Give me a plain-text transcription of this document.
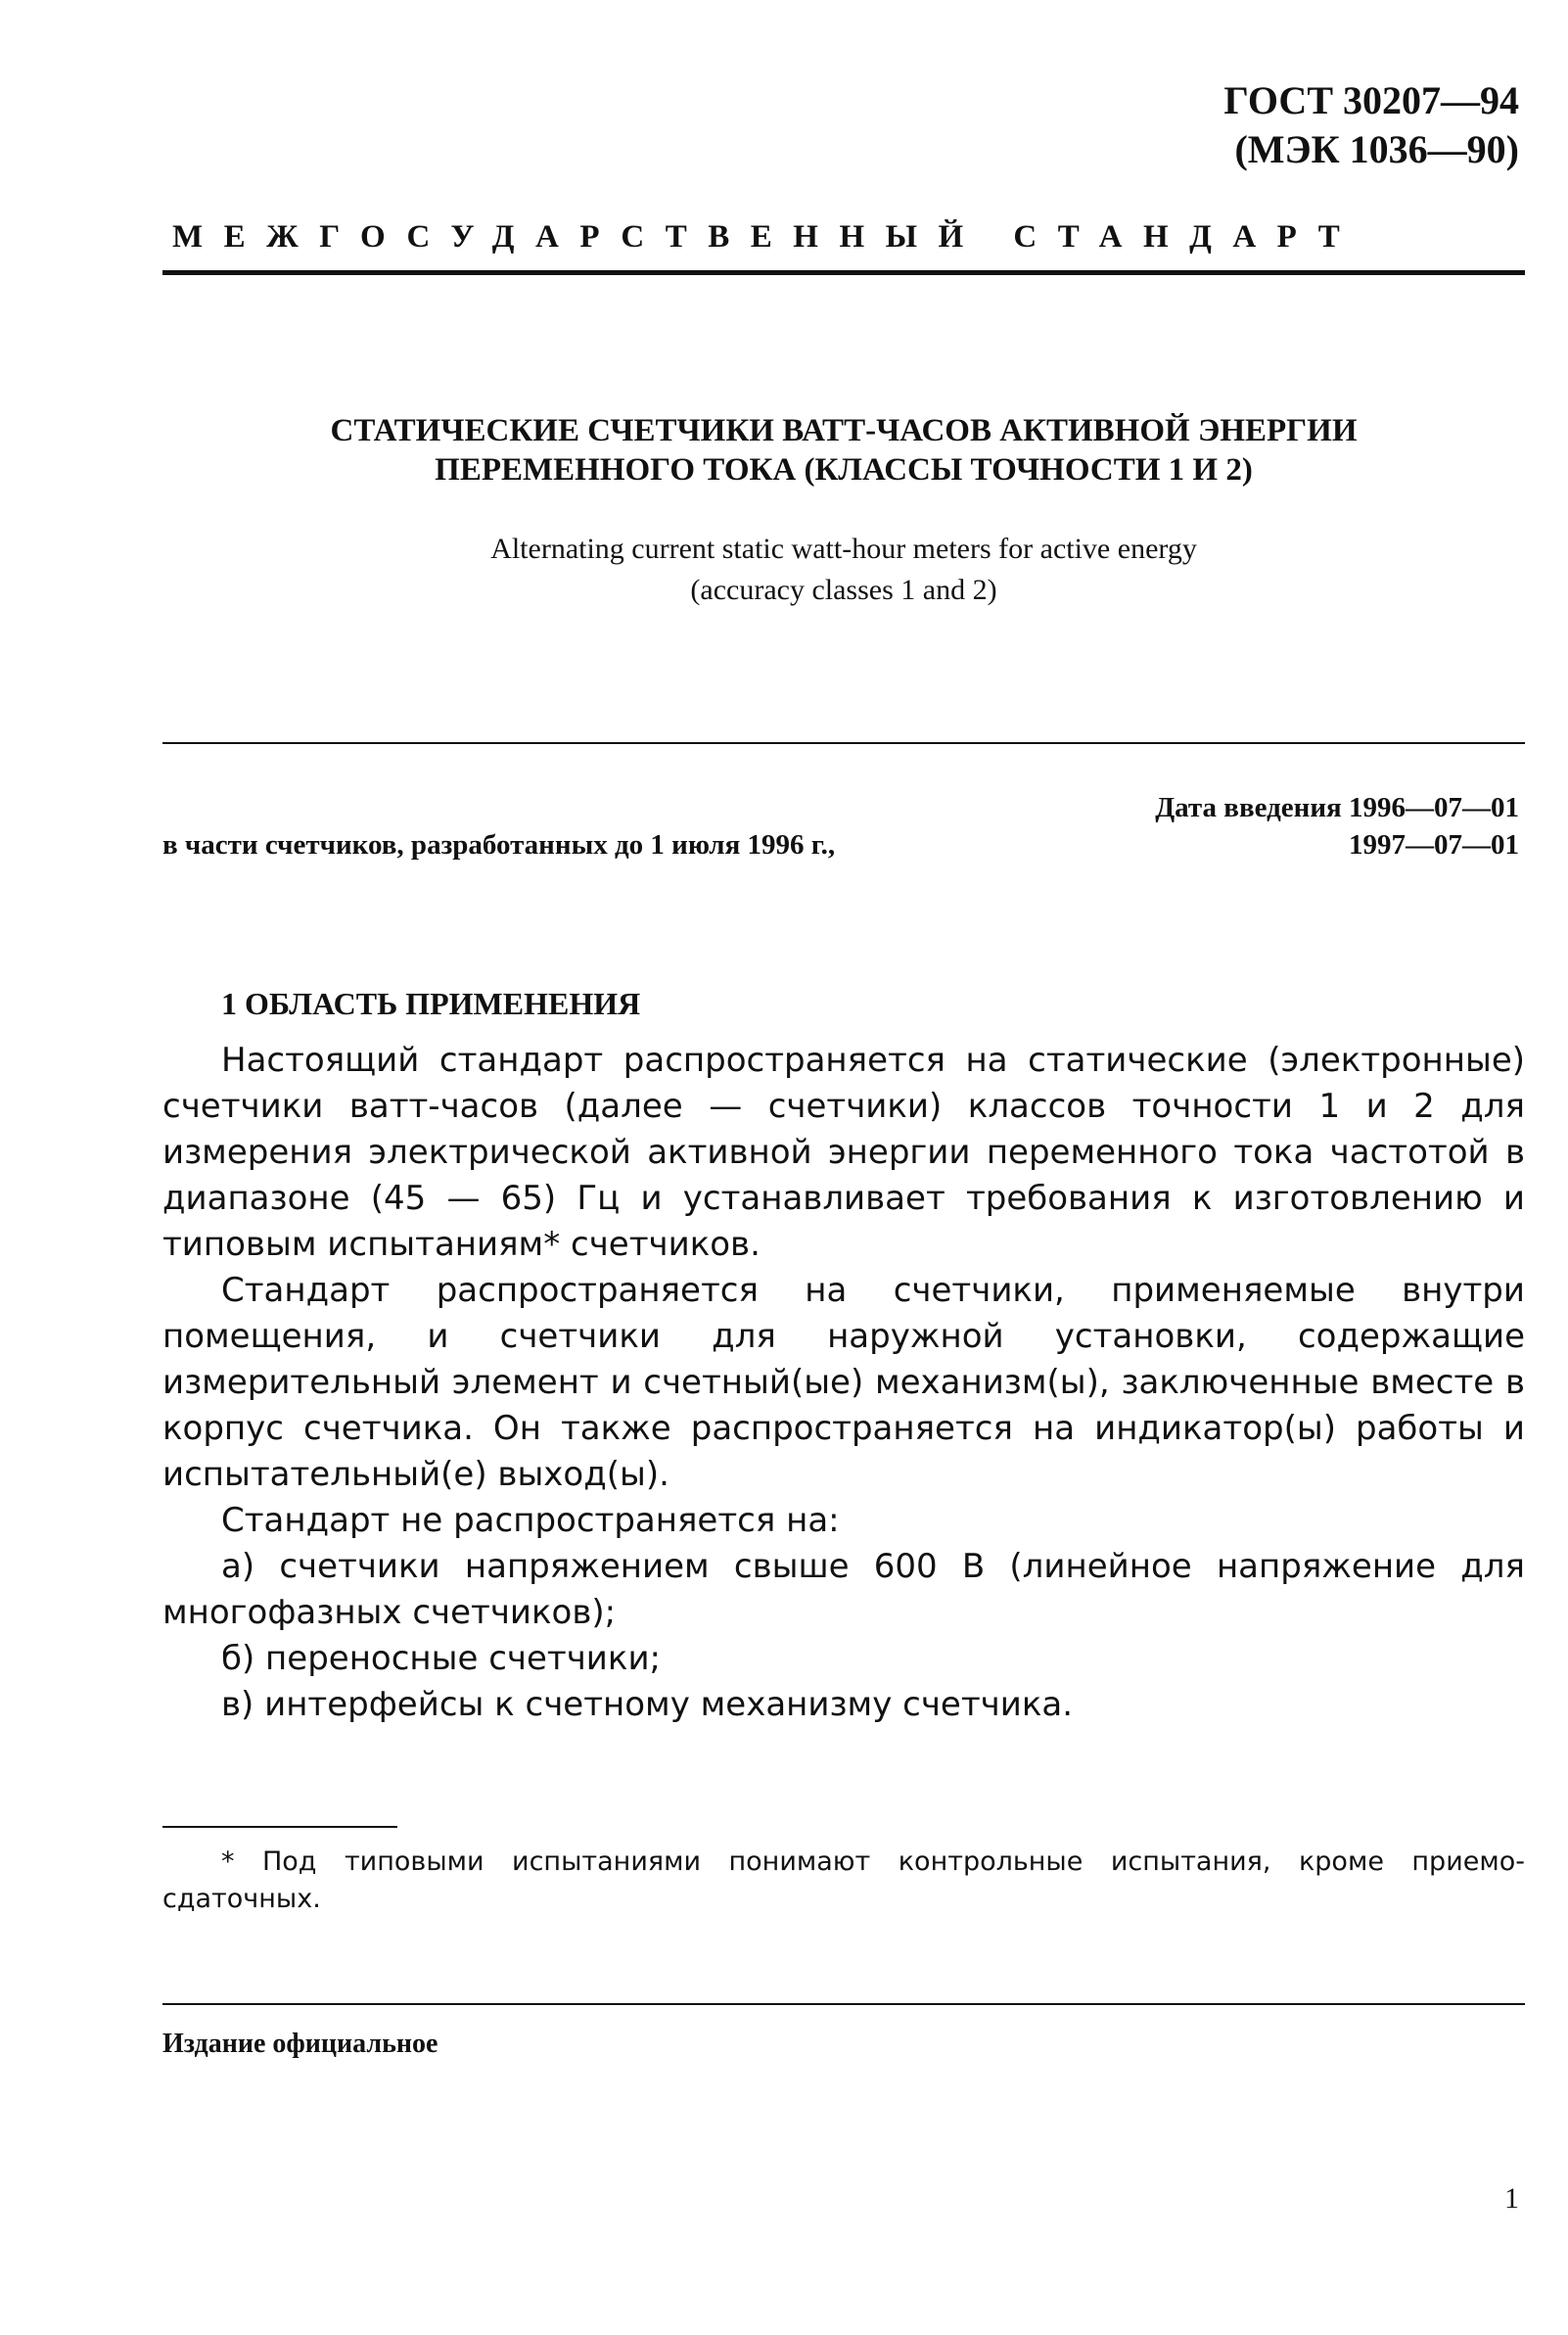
ГОСТ 30207—94
(МЭК 1036—90)
МЕЖГОСУДАРСТВЕННЫЙ СТАНДАРТ
СТАТИЧЕСКИЕ СЧЕТЧИКИ ВАТТ-ЧАСОВ АКТИВНОЙ ЭНЕРГИИ
ПЕРЕМЕННОГО ТОКА (КЛАССЫ ТОЧНОСТИ 1 И 2)
Alternating current static watt-hour meters for active energy
(accuracy classes 1 and 2)
Дата введения 1996—07—01
в части счетчиков, разработанных до 1 июля 1996 г.,	1997—07—01
1 ОБЛАСТЬ ПРИМЕНЕНИЯ

Настоящий стандарт распространяется на статические (электронные) счетчики ватт-часов (далее — счетчики) классов точности 1 и 2 для измерения электрической активной энергии переменного тока частотой в диапазоне (45 — 65) Гц и устанавливает требования к изготовлению и типовым испытаниям* счетчиков.

Стандарт распространяется на счетчики, применяемые внутри помещения, и счетчики для наружной установки, содержащие измерительный элемент и счетный(ые) механизм(ы), заключенные вместе в корпус счетчика. Он также распространяется на индикатор(ы) работы и испытательный(е) выход(ы).

Стандарт не распространяется на:

а) счетчики напряжением свыше 600 В (линейное напряжение для многофазных счетчиков);

б) переносные счетчики;

в) интерфейсы к счетному механизму счетчика.

* Под типовыми испытаниями понимают контрольные испытания, кроме приемо-сдаточных.

Издание официальное
1
